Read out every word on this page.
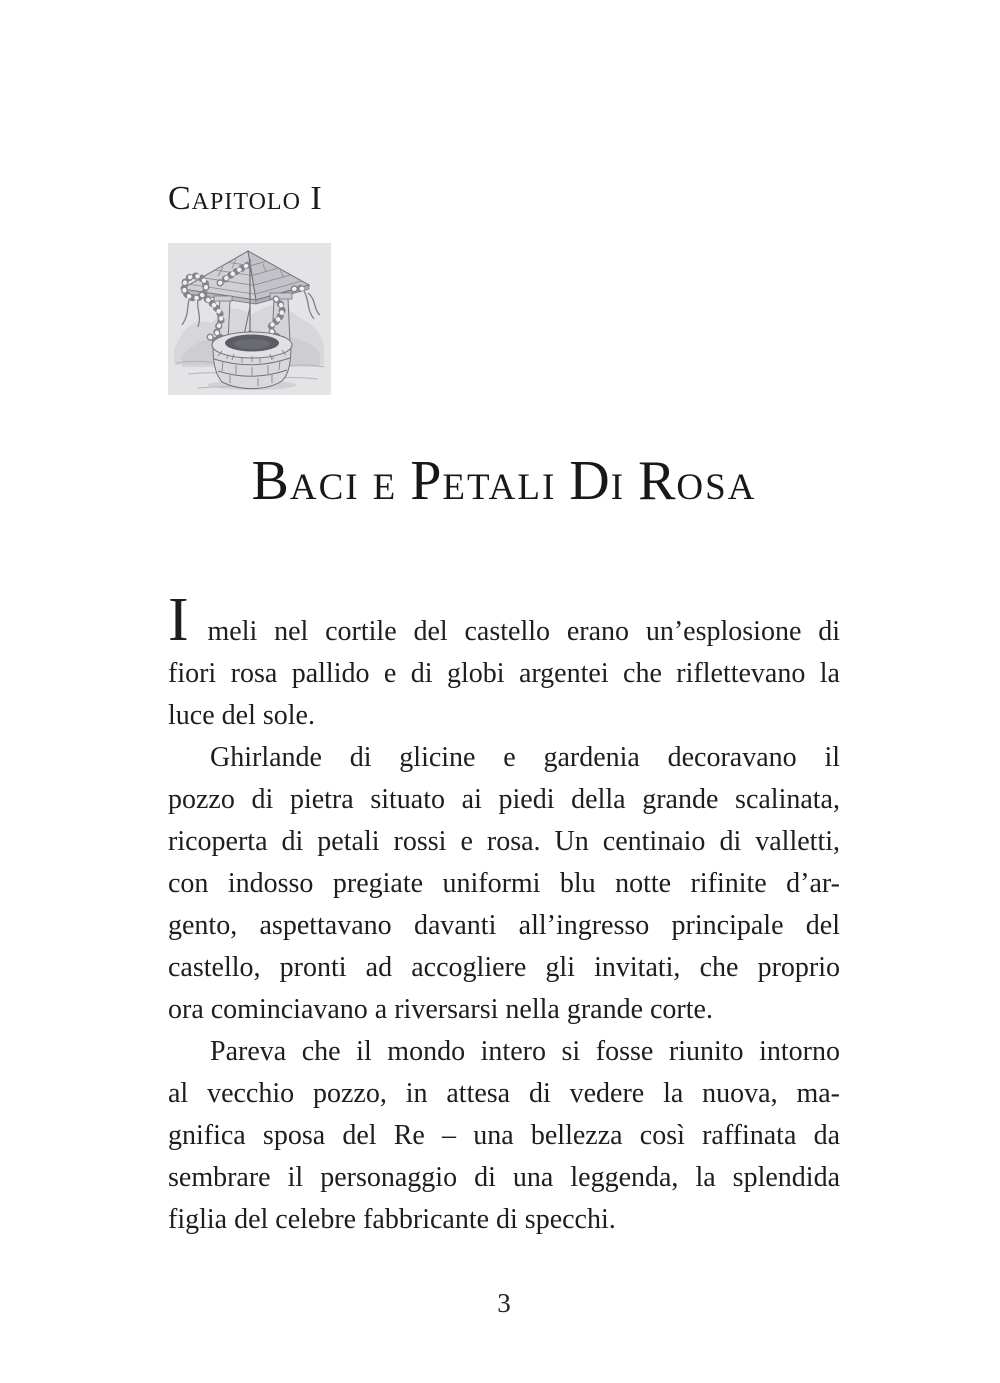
Capitolo I
BACI E PETALI DI ROSA
I meli nel cortile del castello erano un’esplosione di
fiori rosa pallido e di globi argentei che riflettevano la
luce del sole.
Ghirlande di glicine e gardenia decoravano il
pozzo di pietra situato ai piedi della grande scalinata,
ricoperta di petali rossi e rosa. Un centinaio di valletti,
con indosso pregiate uniformi blu notte rifinite d’ar-
gento, aspettavano davanti all’ingresso principale del
castello, pronti ad accogliere gli invitati, che proprio
ora cominciavano a riversarsi nella grande corte.
Pareva che il mondo intero si fosse riunito intorno
al vecchio pozzo, in attesa di vedere la nuova, ma-
gnifica sposa del Re – una bellezza così raffinata da
sembrare il personaggio di una leggenda, la splendida
figlia del celebre fabbricante di specchi.
3
